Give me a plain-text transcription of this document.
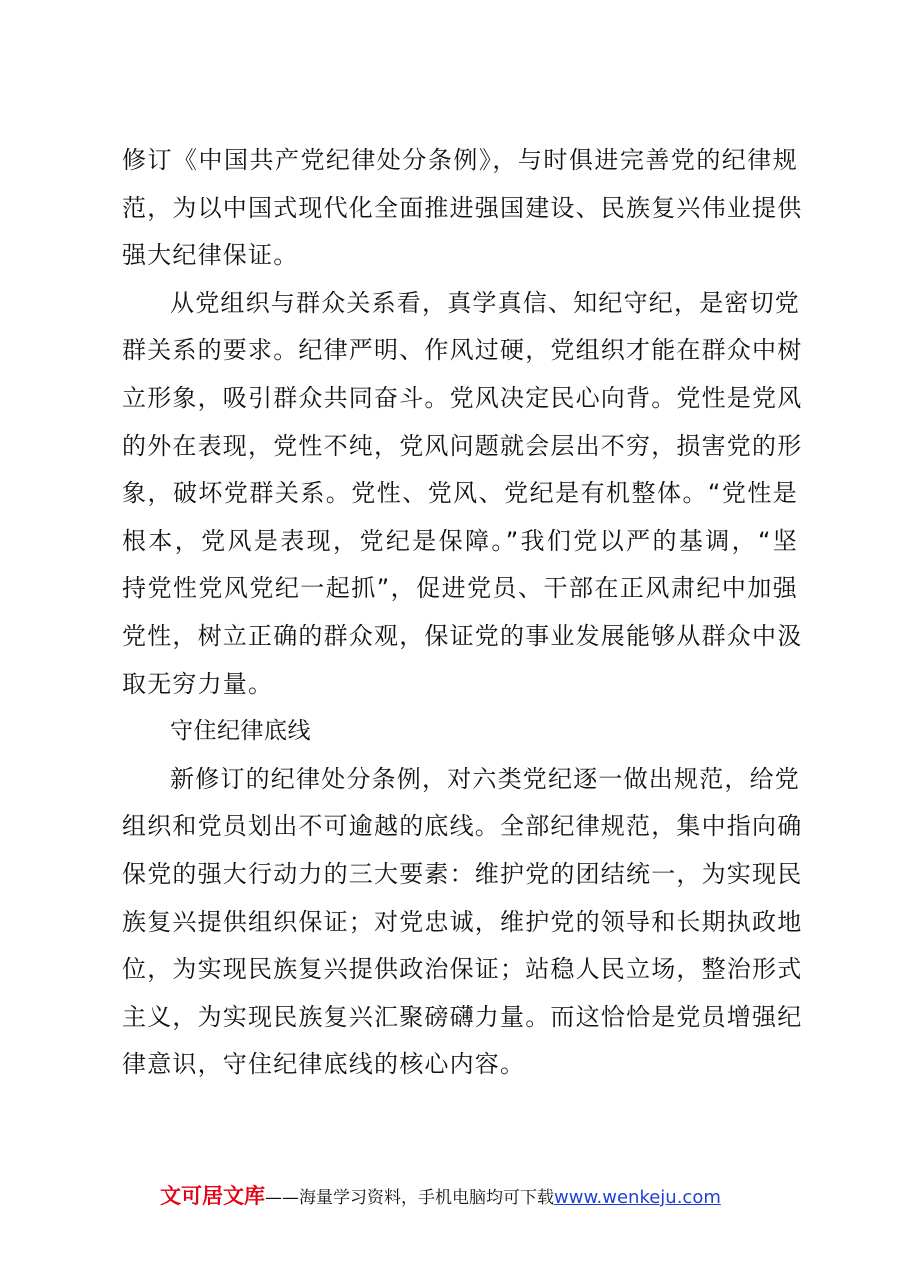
修订《中国共产党纪律处分条例》，与时俱进完善党的纪律规
范，为以中国式现代化全面推进强国建设、民族复兴伟业提供
强大纪律保证。
从党组织与群众关系看，真学真信、知纪守纪，是密切党
群关系的要求。纪律严明、作风过硬，党组织才能在群众中树
立形象，吸引群众共同奋斗。党风决定民心向背。党性是党风
的外在表现，党性不纯，党风问题就会层出不穷，损害党的形
象，破坏党群关系。党性、党风、党纪是有机整体。“党性是
根本，党风是表现，党纪是保障。”我们党以严的基调，“坚
持党性党风党纪一起抓”，促进党员、干部在正风肃纪中加强
党性，树立正确的群众观，保证党的事业发展能够从群众中汲
取无穷力量。
守住纪律底线
新修订的纪律处分条例，对六类党纪逐一做出规范，给党
组织和党员划出不可逾越的底线。全部纪律规范，集中指向确
保党的强大行动力的三大要素：维护党的团结统一，为实现民
族复兴提供组织保证；对党忠诚，维护党的领导和长期执政地
位，为实现民族复兴提供政治保证；站稳人民立场，整治形式
主义，为实现民族复兴汇聚磅礴力量。而这恰恰是党员增强纪
律意识，守住纪律底线的核心内容。
文可居文库——海量学习资料，手机电脑均可下载www.wenkeju.com
